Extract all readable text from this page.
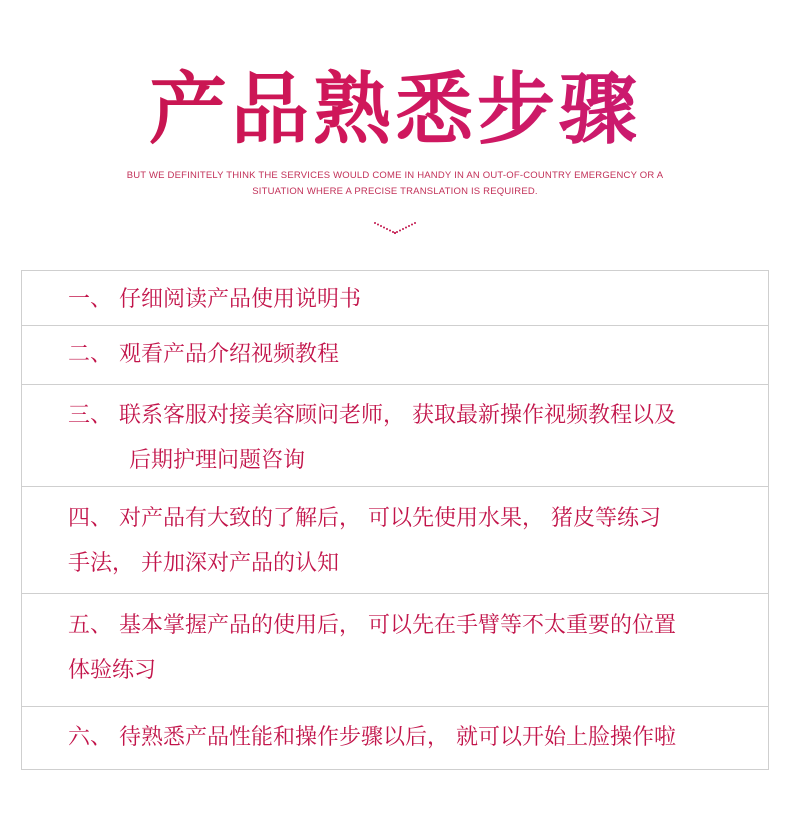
产品熟悉步骤
BUT WE DEFINITELY THINK THE SERVICES WOULD COME IN HANDY IN AN OUT-OF-COUNTRY EMERGENCY OR A
SITUATION WHERE A PRECISE TRANSLATION IS REQUIRED.
一、 仔细阅读产品使用说明书
二、 观看产品介绍视频教程
三、 联系客服对接美容顾问老师， 获取最新操作视频教程以及
后期护理问题咨询
四、 对产品有大致的了解后， 可以先使用水果， 猪皮等练习
手法， 并加深对产品的认知
五、 基本掌握产品的使用后， 可以先在手臂等不太重要的位置
体验练习
六、 待熟悉产品性能和操作步骤以后， 就可以开始上脸操作啦
